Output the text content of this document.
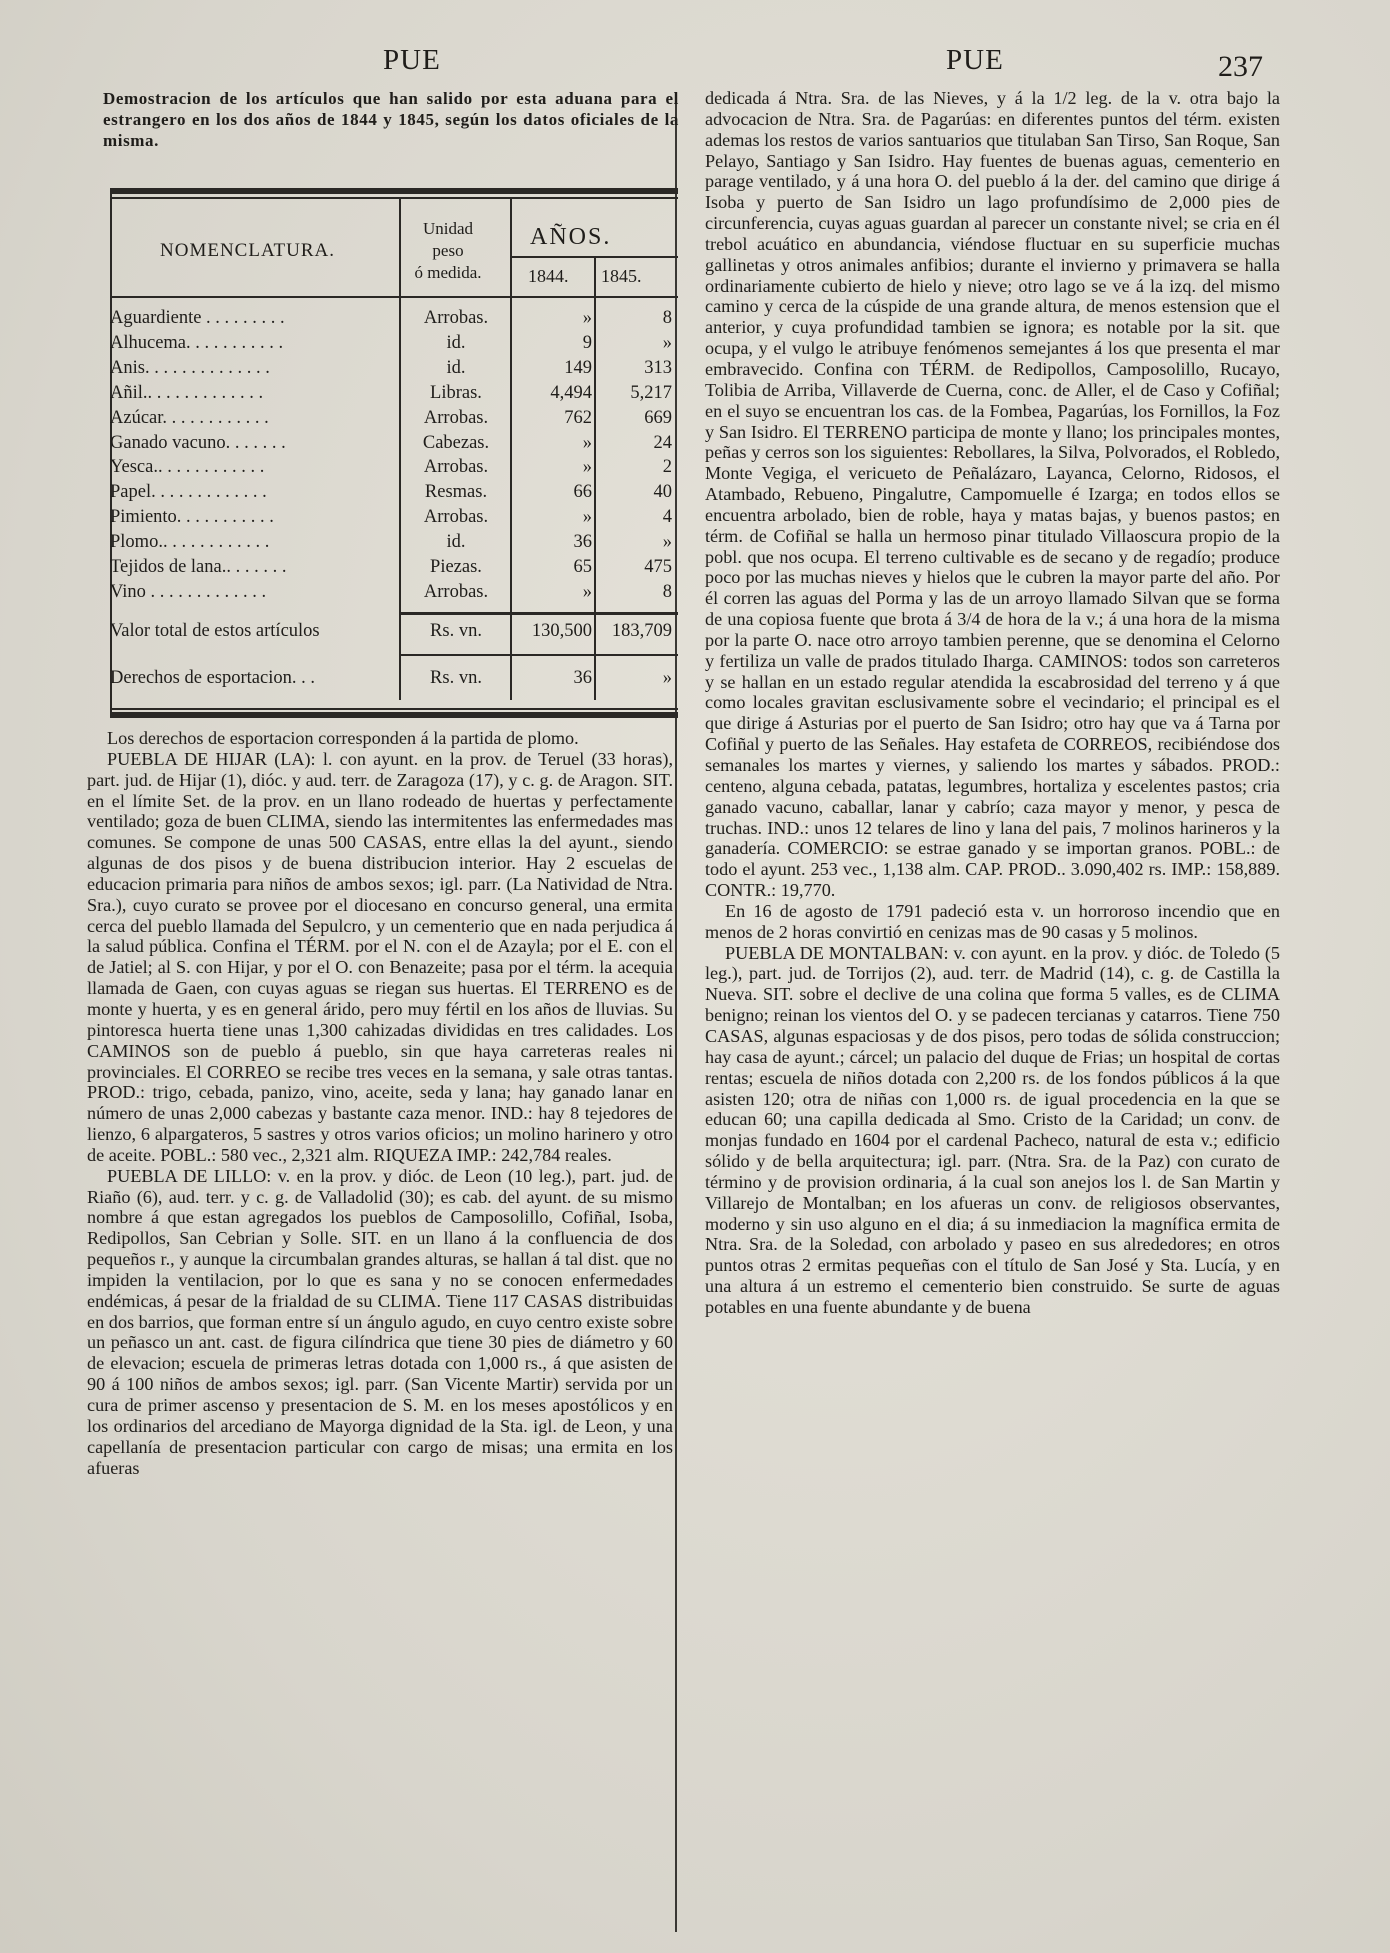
PUE	PUE	237
Demostracion de los artículos que han salido por esta aduana para el estrangero en los dos años de 1844 y 1845, según los datos oficiales de la misma.
NOMENCLATURA.
Unidad
peso
ó medida.
AÑOS.
1844. 1845.
Aguardiente . . . . . . . . .	Arrobas.	»	8
Alhucema. . . . . . . . . . .	id.	9	»
Anis. . . . . . . . . . . . . .	id.	149	313
Añil.. . . . . . . . . . . . .	Libras.	4,494	5,217
Azúcar. . . . . . . . . . . .	Arrobas.	762	669
Ganado vacuno. . . . . . .	Cabezas.	»	24
Yesca.. . . . . . . . . . . .	Arrobas.	»	2
Papel. . . . . . . . . . . . .	Resmas.	66	40
Pimiento. . . . . . . . . . .	Arrobas.	»	4
Plomo.. . . . . . . . . . . .	id.	36	»
Tejidos de lana.. . . . . . .	Piezas.	65	475
Vino . . . . . . . . . . . . .	Arrobas.	»	8
Valor total de estos artículos	Rs. vn.	130,500	183,709
Derechos de esportacion. . .	Rs. vn.	36	»

Los derechos de esportacion corresponden á la partida de plomo.

PUEBLA DE HIJAR (LA): l. con ayunt. en la prov. de Teruel (33 horas), part. jud. de Hijar (1), dióc. y aud. terr. de Zaragoza (17), y c. g. de Aragon. SIT. en el límite Set. de la prov. en un llano rodeado de huertas y perfectamente ventilado; goza de buen CLIMA, siendo las intermitentes las enfermedades mas comunes. Se compone de unas 500 CASAS, entre ellas la del ayunt., siendo algunas de dos pisos y de buena distribucion interior. Hay 2 escuelas de educacion primaria para niños de ambos sexos; igl. parr. (La Natividad de Ntra. Sra.), cuyo curato se provee por el diocesano en concurso general, una ermita cerca del pueblo llamada del Sepulcro, y un cementerio que en nada perjudica á la salud pública. Confina el TÉRM. por el N. con el de Azayla; por el E. con el de Jatiel; al S. con Hijar, y por el O. con Benazeite; pasa por el térm. la acequia llamada de Gaen, con cuyas aguas se riegan sus huertas. El TERRENO es de monte y huerta, y es en general árido, pero muy fértil en los años de lluvias. Su pintoresca huerta tiene unas 1,300 cahizadas divididas en tres calidades. Los CAMINOS son de pueblo á pueblo, sin que haya carreteras reales ni provinciales. El CORREO se recibe tres veces en la semana, y sale otras tantas. PROD.: trigo, cebada, panizo, vino, aceite, seda y lana; hay ganado lanar en número de unas 2,000 cabezas y bastante caza menor. IND.: hay 8 tejedores de lienzo, 6 alpargateros, 5 sastres y otros varios oficios; un molino harinero y otro de aceite. POBL.: 580 vec., 2,321 alm. RIQUEZA IMP.: 242,784 reales.

PUEBLA DE LILLO: v. en la prov. y dióc. de Leon (10 leg.), part. jud. de Riaño (6), aud. terr. y c. g. de Valladolid (30); es cab. del ayunt. de su mismo nombre á que estan agregados los pueblos de Camposolillo, Cofiñal, Isoba, Redipollos, San Cebrian y Solle. SIT. en un llano á la confluencia de dos pequeños r., y aunque la circumbalan grandes alturas, se hallan á tal dist. que no impiden la ventilacion, por lo que es sana y no se conocen enfermedades endémicas, á pesar de la frialdad de su CLIMA. Tiene 117 CASAS distribuidas en dos barrios, que forman entre sí un ángulo agudo, en cuyo centro existe sobre un peñasco un ant. cast. de figura cilíndrica que tiene 30 pies de diámetro y 60 de elevacion; escuela de primeras letras dotada con 1,000 rs., á que asisten de 90 á 100 niños de ambos sexos; igl. parr. (San Vicente Martir) servida por un cura de primer ascenso y presentacion de S. M. en los meses apostólicos y en los ordinarios del arcediano de Mayorga dignidad de la Sta. igl. de Leon, y una capellanía de presentacion particular con cargo de misas; una ermita en los afueras

dedicada á Ntra. Sra. de las Nieves, y á la 1/2 leg. de la v. otra bajo la advocacion de Ntra. Sra. de Pagarúas: en diferentes puntos del térm. existen ademas los restos de varios santuarios que titulaban San Tirso, San Roque, San Pelayo, Santiago y San Isidro. Hay fuentes de buenas aguas, cementerio en parage ventilado, y á una hora O. del pueblo á la der. del camino que dirige á Isoba y puerto de San Isidro un lago profundísimo de 2,000 pies de circunferencia, cuyas aguas guardan al parecer un constante nivel; se cria en él trebol acuático en abundancia, viéndose fluctuar en su superficie muchas gallinetas y otros animales anfibios; durante el invierno y primavera se halla ordinariamente cubierto de hielo y nieve; otro lago se ve á la izq. del mismo camino y cerca de la cúspide de una grande altura, de menos estension que el anterior, y cuya profundidad tambien se ignora; es notable por la sit. que ocupa, y el vulgo le atribuye fenómenos semejantes á los que presenta el mar embravecido. Confina con TÉRM. de Redipollos, Camposolillo, Rucayo, Tolibia de Arriba, Villaverde de Cuerna, conc. de Aller, el de Caso y Cofiñal; en el suyo se encuentran los cas. de la Fombea, Pagarúas, los Fornillos, la Foz y San Isidro. El TERRENO participa de monte y llano; los principales montes, peñas y cerros son los siguientes: Rebollares, la Silva, Polvorados, el Robledo, Monte Vegiga, el vericueto de Peñalázaro, Layanca, Celorno, Ridosos, el Atambado, Rebueno, Pingalutre, Campomuelle é Izarga; en todos ellos se encuentra arbolado, bien de roble, haya y matas bajas, y buenos pastos; en térm. de Cofiñal se halla un hermoso pinar titulado Villaoscura propio de la pobl. que nos ocupa. El terreno cultivable es de secano y de regadío; produce poco por las muchas nieves y hielos que le cubren la mayor parte del año. Por él corren las aguas del Porma y las de un arroyo llamado Silvan que se forma de una copiosa fuente que brota á 3/4 de hora de la v.; á una hora de la misma por la parte O. nace otro arroyo tambien perenne, que se denomina el Celorno y fertiliza un valle de prados titulado Iharga. CAMINOS: todos son carreteros y se hallan en un estado regular atendida la escabrosidad del terreno y á que como locales gravitan esclusivamente sobre el vecindario; el principal es el que dirige á Asturias por el puerto de San Isidro; otro hay que va á Tarna por Cofiñal y puerto de las Señales. Hay estafeta de CORREOS, recibiéndose dos semanales los martes y viernes, y saliendo los martes y sábados. PROD.: centeno, alguna cebada, patatas, legumbres, hortaliza y escelentes pastos; cria ganado vacuno, caballar, lanar y cabrío; caza mayor y menor, y pesca de truchas. IND.: unos 12 telares de lino y lana del pais, 7 molinos harineros y la ganadería. COMERCIO: se estrae ganado y se importan granos. POBL.: de todo el ayunt. 253 vec., 1,138 alm. CAP. PROD.. 3.090,402 rs. IMP.: 158,889. CONTR.: 19,770.

En 16 de agosto de 1791 padeció esta v. un horroroso incendio que en menos de 2 horas convirtió en cenizas mas de 90 casas y 5 molinos.

PUEBLA DE MONTALBAN: v. con ayunt. en la prov. y dióc. de Toledo (5 leg.), part. jud. de Torrijos (2), aud. terr. de Madrid (14), c. g. de Castilla la Nueva. SIT. sobre el declive de una colina que forma 5 valles, es de CLIMA benigno; reinan los vientos del O. y se padecen tercianas y catarros. Tiene 750 CASAS, algunas espaciosas y de dos pisos, pero todas de sólida construccion; hay casa de ayunt.; cárcel; un palacio del duque de Frias; un hospital de cortas rentas; escuela de niños dotada con 2,200 rs. de los fondos públicos á la que asisten 120; otra de niñas con 1,000 rs. de igual procedencia en la que se educan 60; una capilla dedicada al Smo. Cristo de la Caridad; un conv. de monjas fundado en 1604 por el cardenal Pacheco, natural de esta v.; edificio sólido y de bella arquitectura; igl. parr. (Ntra. Sra. de la Paz) con curato de término y de provision ordinaria, á la cual son anejos los l. de San Martin y Villarejo de Montalban; en los afueras un conv. de religiosos observantes, moderno y sin uso alguno en el dia; á su inmediacion la magnífica ermita de Ntra. Sra. de la Soledad, con arbolado y paseo en sus alrededores; en otros puntos otras 2 ermitas pequeñas con el título de San José y Sta. Lucía, y en una altura á un estremo el cementerio bien construido. Se surte de aguas potables en una fuente abundante y de buena
